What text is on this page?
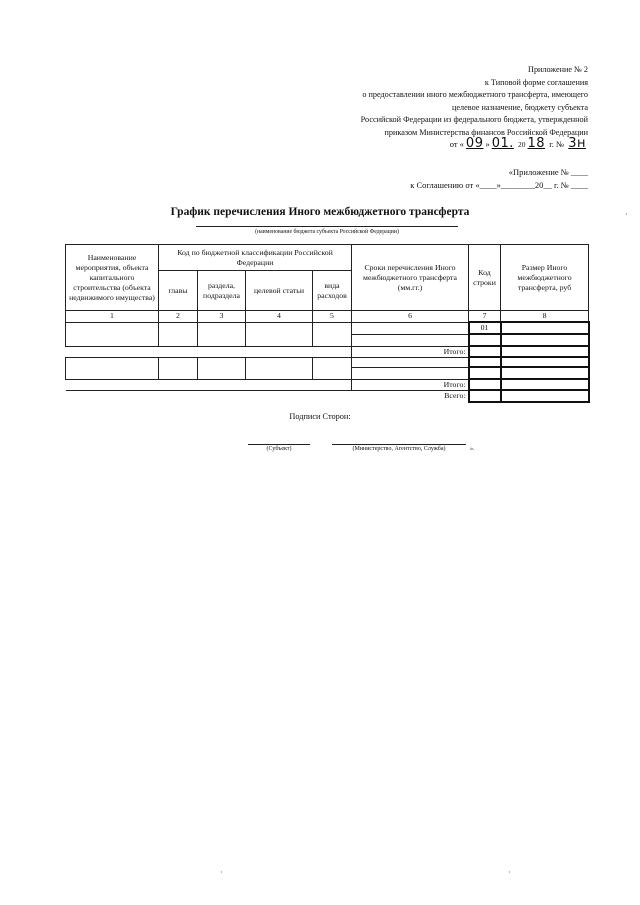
Приложение № 2
к Типовой форме соглашения
о предоставлении иного межбюджетного трансферта, имеющего
целевое назначение, бюджету субъекта
Российской Федерации из федерального бюджета, утвержденной
приказом Министерства финансов Российской Федерации
от « 09 » 01. 20 18 г. № 3н
«Приложение № ____
к Соглашению от «____»________20__ г. № ____
График перечисления Иного межбюджетного трансферта
(наименование бюджета субъекта Российской Федерации)
Наименование мероприятия, объекта капитального строительства (объекта недвижимого имущества)	Код по бюджетной классификации Российской Федерации				Сроки перечисления Иного межбюджетного трансферта (мм.гг.)	Код строки	Размер Иного межбюджетного трансферта, руб
	главы	раздела, подраздела	целевой статьи	вида расходов			
1	2	3	4	5	6	7	8
						01	

					Итого:		

					Итого:		
					Всего:		
Подписи Сторон:
(Субъект)	(Министерство, Агентство, Служба)	».
·
·	·
